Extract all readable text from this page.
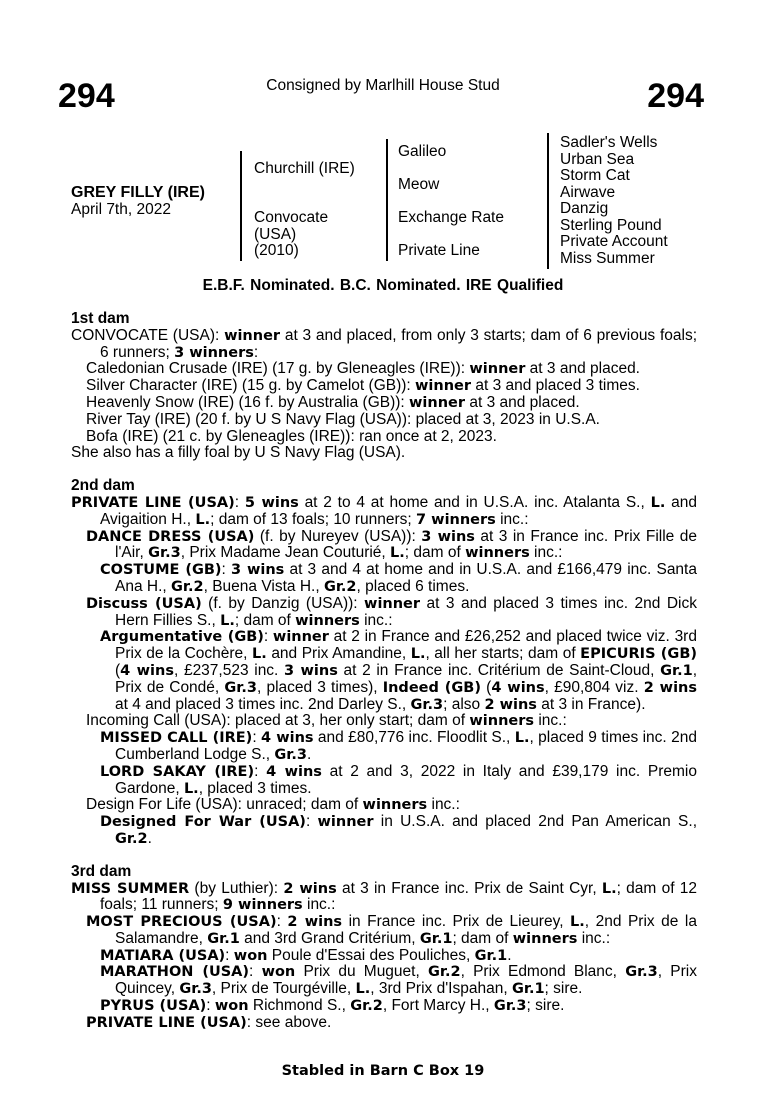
294	Consigned by Marlhill House Stud	294
GREY FILLY (IRE)
April 7th, 2022
Churchill (IRE)
Convocate
(USA)
(2010)
Galileo
Meow
Exchange Rate
Private Line
Sadler's Wells
Urban Sea
Storm Cat
Airwave
Danzig
Sterling Pound
Private Account
Miss Summer
E.B.F. Nominated. B.C. Nominated. IRE Qualified
1st dam

CONVOCATE (USA): winner at 3 and placed, from only 3 starts; dam of 6 previous foals; 6 runners; 3 winners:

Caledonian Crusade (IRE) (17 g. by Gleneagles (IRE)): winner at 3 and placed.

Silver Character (IRE) (15 g. by Camelot (GB)): winner at 3 and placed 3 times.

Heavenly Snow (IRE) (16 f. by Australia (GB)): winner at 3 and placed.

River Tay (IRE) (20 f. by U S Navy Flag (USA)): placed at 3, 2023 in U.S.A.

Bofa (IRE) (21 c. by Gleneagles (IRE)): ran once at 2, 2023.

She also has a filly foal by U S Navy Flag (USA).

2nd dam

PRIVATE LINE (USA): 5 wins at 2 to 4 at home and in U.S.A. inc. Atalanta S., L. and Avigaition H., L.; dam of 13 foals; 10 runners; 7 winners inc.:

DANCE DRESS (USA) (f. by Nureyev (USA)): 3 wins at 3 in France inc. Prix Fille de l'Air, Gr.3, Prix Madame Jean Couturié, L.; dam of winners inc.:

COSTUME (GB): 3 wins at 3 and 4 at home and in U.S.A. and £166,479 inc. Santa Ana H., Gr.2, Buena Vista H., Gr.2, placed 6 times.

Discuss (USA) (f. by Danzig (USA)): winner at 3 and placed 3 times inc. 2nd Dick Hern Fillies S., L.; dam of winners inc.:

Argumentative (GB): winner at 2 in France and £26,252 and placed twice viz. 3rd Prix de la Cochère, L. and Prix Amandine, L., all her starts; dam of EPICURIS (GB) (4 wins, £237,523 inc. 3 wins at 2 in France inc. Critérium de Saint-Cloud, Gr.1, Prix de Condé, Gr.3, placed 3 times), Indeed (GB) (4 wins, £90,804 viz. 2 wins at 4 and placed 3 times inc. 2nd Darley S., Gr.3; also 2 wins at 3 in France).

Incoming Call (USA): placed at 3, her only start; dam of winners inc.:

MISSED CALL (IRE): 4 wins and £80,776 inc. Floodlit S., L., placed 9 times inc. 2nd Cumberland Lodge S., Gr.3.

LORD SAKAY (IRE): 4 wins at 2 and 3, 2022 in Italy and £39,179 inc. Premio Gardone, L., placed 3 times.

Design For Life (USA): unraced; dam of winners inc.:

Designed For War (USA): winner in U.S.A. and placed 2nd Pan American S., Gr.2.

3rd dam

MISS SUMMER (by Luthier): 2 wins at 3 in France inc. Prix de Saint Cyr, L.; dam of 12 foals; 11 runners; 9 winners inc.:

MOST PRECIOUS (USA): 2 wins in France inc. Prix de Lieurey, L., 2nd Prix de la Salamandre, Gr.1 and 3rd Grand Critérium, Gr.1; dam of winners inc.:

MATIARA (USA): won Poule d'Essai des Pouliches, Gr.1.

MARATHON (USA): won Prix du Muguet, Gr.2, Prix Edmond Blanc, Gr.3, Prix Quincey, Gr.3, Prix de Tourgéville, L., 3rd Prix d'Ispahan, Gr.1; sire.

PYRUS (USA): won Richmond S., Gr.2, Fort Marcy H., Gr.3; sire.

PRIVATE LINE (USA): see above.

Stabled in Barn C Box 19
